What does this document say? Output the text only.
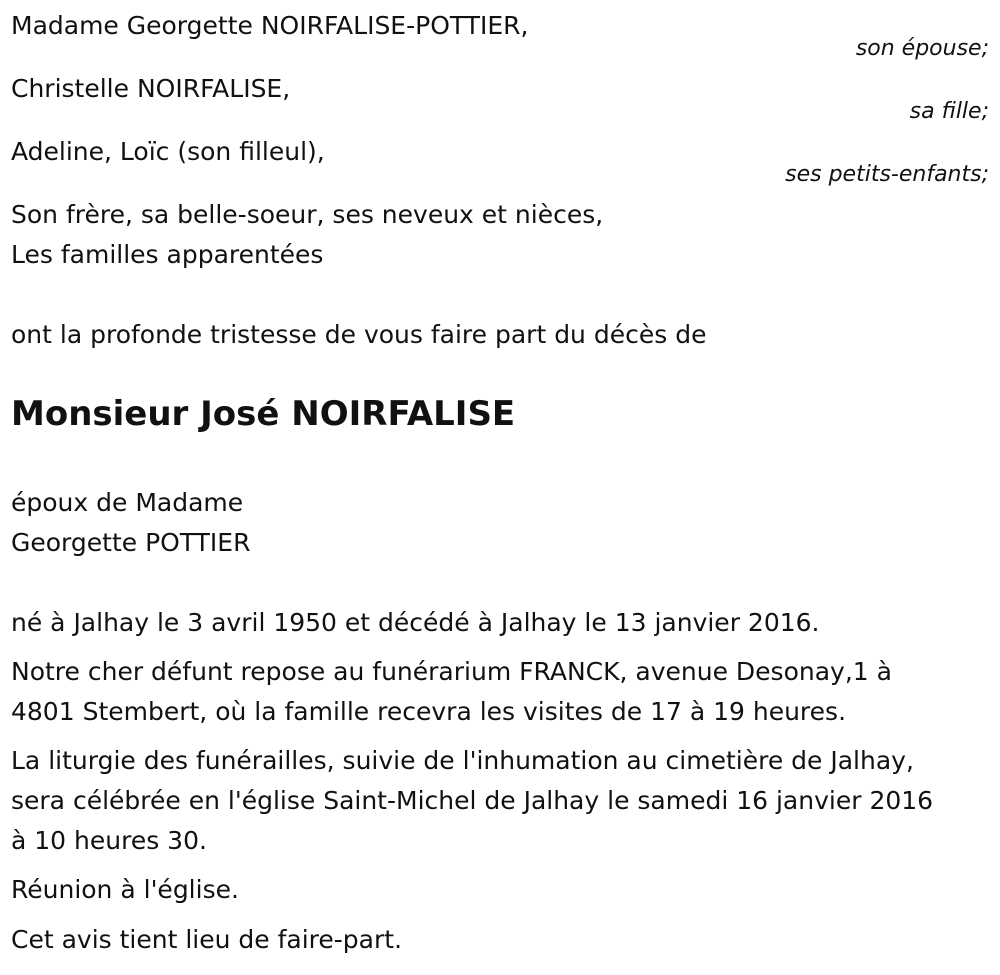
Madame Georgette NOIRFALISE-POTTIER,
son épouse;
Christelle NOIRFALISE,
sa fille;
Adeline, Loïc (son filleul),
ses petits-enfants;
Son frère, sa belle-soeur, ses neveux et nièces,
Les familles apparentées
ont la profonde tristesse de vous faire part du décès de
Monsieur José NOIRFALISE
époux de Madame
Georgette POTTIER
né à Jalhay le 3 avril 1950 et décédé à Jalhay le 13 janvier 2016.
Notre cher défunt repose au funérarium FRANCK, avenue Desonay,1 à
4801 Stembert, où la famille recevra les visites de 17 à 19 heures.
La liturgie des funérailles, suivie de l'inhumation au cimetière de Jalhay,
sera célébrée en l'église Saint-Michel de Jalhay le samedi 16 janvier 2016
à 10 heures 30.
Réunion à l'église.
Cet avis tient lieu de faire-part.
